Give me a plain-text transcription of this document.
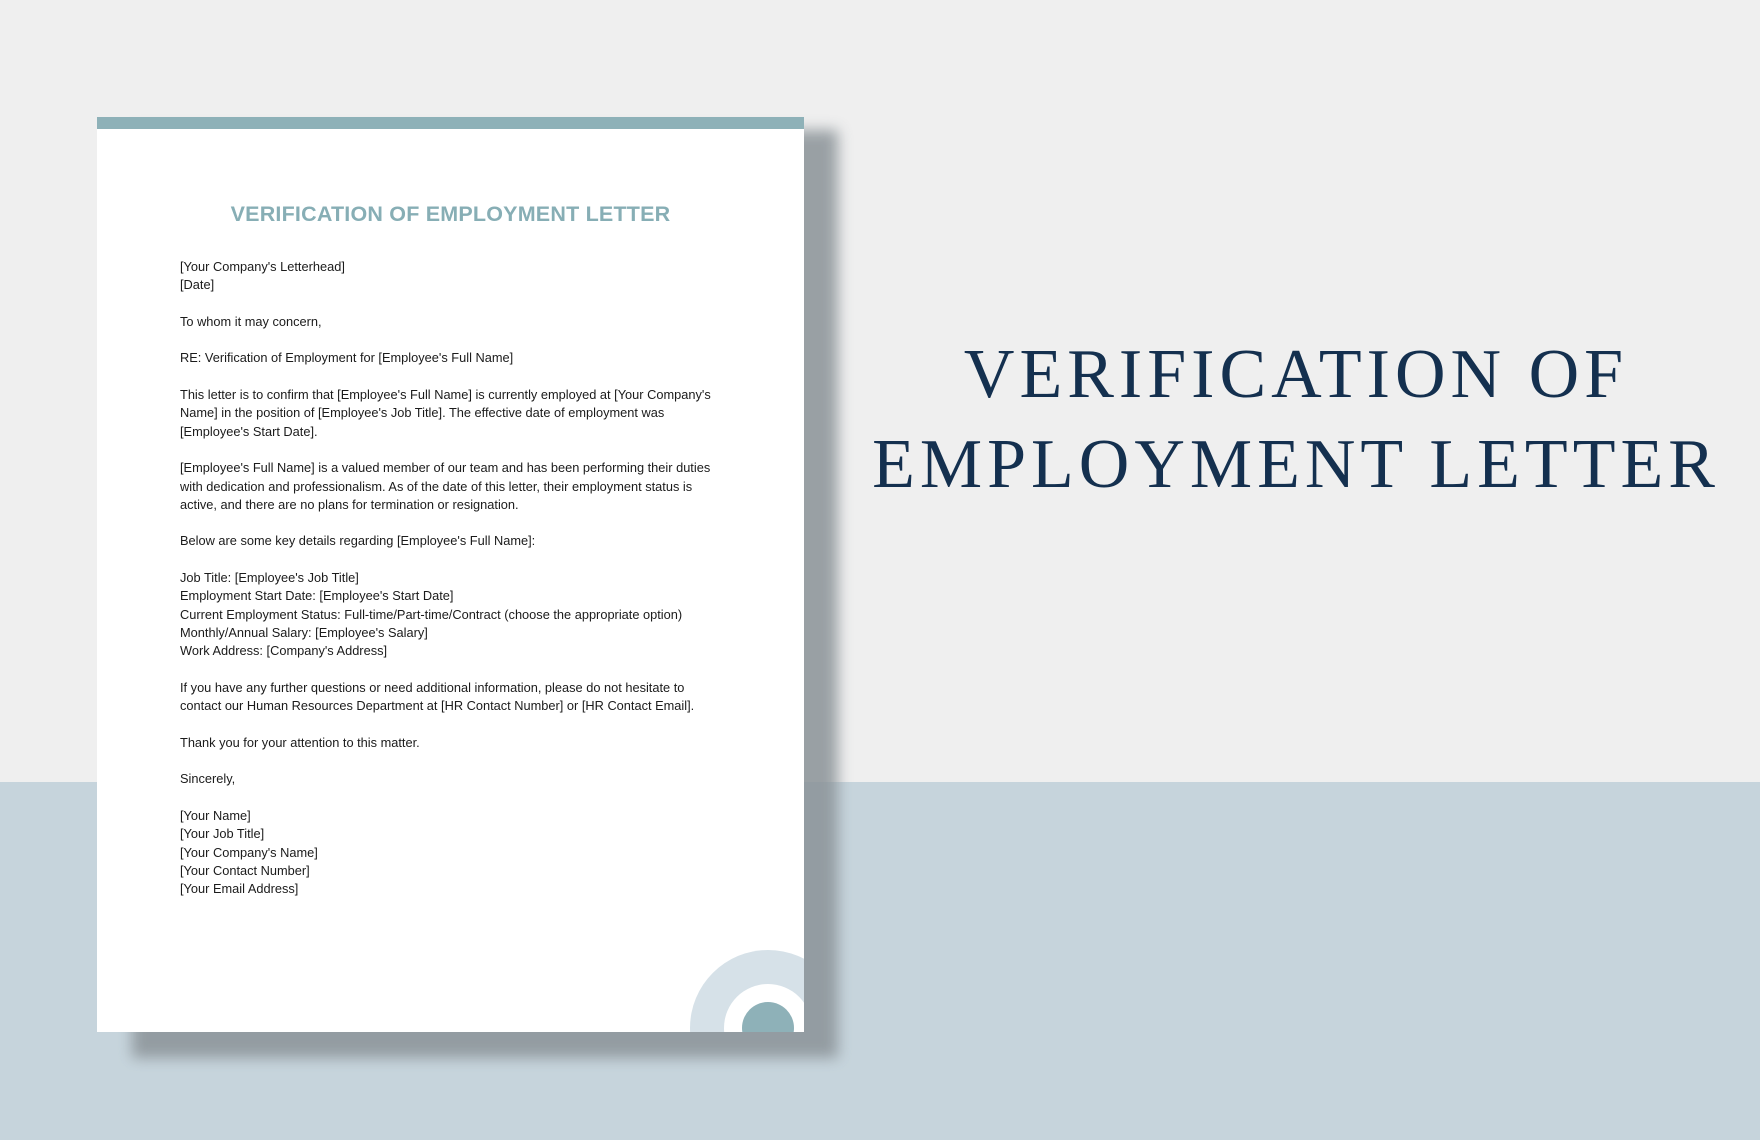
VERIFICATION OF EMPLOYMENT LETTER
[Your Company's Letterhead]
[Date]
To whom it may concern,
RE: Verification of Employment for [Employee's Full Name]
This letter is to confirm that [Employee's Full Name] is currently employed at [Your Company's
Name] in the position of [Employee's Job Title]. The effective date of employment was
[Employee's Start Date].
[Employee's Full Name] is a valued member of our team and has been performing their duties
with dedication and professionalism. As of the date of this letter, their employment status is
active, and there are no plans for termination or resignation.
Below are some key details regarding [Employee's Full Name]:
Job Title: [Employee's Job Title]
Employment Start Date: [Employee's Start Date]
Current Employment Status: Full-time/Part-time/Contract (choose the appropriate option)
Monthly/Annual Salary: [Employee's Salary]
Work Address: [Company's Address]
If you have any further questions or need additional information, please do not hesitate to
contact our Human Resources Department at [HR Contact Number] or [HR Contact Email].
Thank you for your attention to this matter.
Sincerely,
[Your Name]
[Your Job Title]
[Your Company's Name]
[Your Contact Number]
[Your Email Address]
VERIFICATION OF
EMPLOYMENT LETTER
